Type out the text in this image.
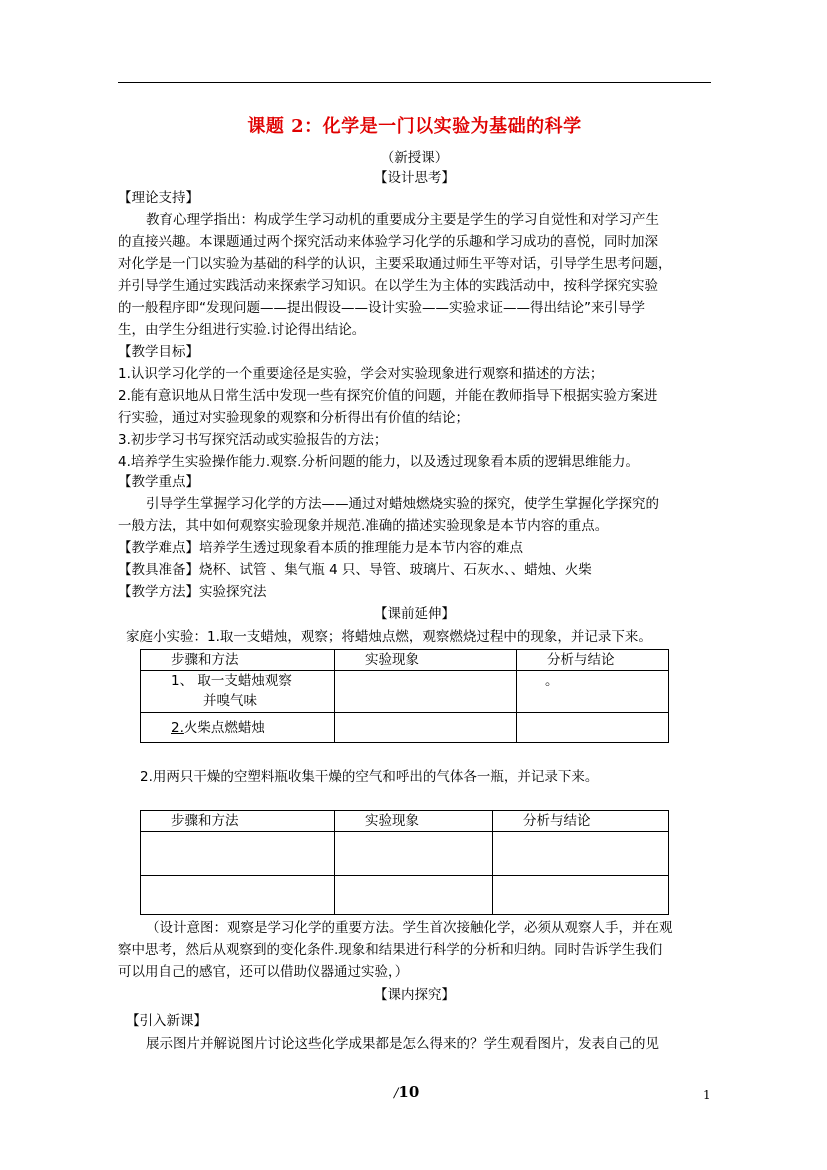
课题 2：化学是一门以实验为基础的科学
（新授课）
【设计思考】
【理论支持】
教育心理学指出：构成学生学习动机的重要成分主要是学生的学习自觉性和对学习产生
的直接兴趣。本课题通过两个探究活动来体验学习化学的乐趣和学习成功的喜悦，同时加深
对化学是一门以实验为基础的科学的认识，主要采取通过师生平等对话，引导学生思考问题，
并引导学生通过实践活动来探索学习知识。在以学生为主体的实践活动中，按科学探究实验
的一般程序即“发现问题——提出假设——设计实验——实验求证——得出结论”来引导学
生，由学生分组进行实验.讨论得出结论。
【教学目标】
1.认识学习化学的一个重要途径是实验，学会对实验现象进行观察和描述的方法；
2.能有意识地从日常生活中发现一些有探究价值的问题，并能在教师指导下根据实验方案进
行实验，通过对实验现象的观察和分析得出有价值的结论；
3.初步学习书写探究活动或实验报告的方法；
4.培养学生实验操作能力.观察.分析问题的能力，以及透过现象看本质的逻辑思维能力。
【教学重点】
引导学生掌握学习化学的方法——通过对蜡烛燃烧实验的探究，使学生掌握化学探究的
一般方法，其中如何观察实验现象并规范.准确的描述实验现象是本节内容的重点。
【教学难点】培养学生透过现象看本质的推理能力是本节内容的难点
【教具准备】烧杯、试管 、集气瓶 4 只、导管、玻璃片、石灰水、、蜡烛、火柴
【教学方法】实验探究法
【课前延伸】
家庭小实验：1.取一支蜡烛，观察；将蜡烛点燃，观察燃烧过程中的现象，并记录下来。
步骤和方法	实验现象	分析与结论

1、 取一支蜡烛观察
并嗅气味		。
2.火柴点燃蜡烛		
2.用两只干燥的空塑料瓶收集干燥的空气和呼出的气体各一瓶，并记录下来。
步骤和方法	实验现象	分析与结论

（设计意图：观察是学习化学的重要方法。学生首次接触化学，必须从观察人手，并在观
察中思考，然后从观察到的变化条件.现象和结果进行科学的分析和归纳。同时告诉学生我们
可以用自己的感官，还可以借助仪器通过实验，）
【课内探究】
【引入新课】
展示图片并解说图片讨论这些化学成果都是怎么得来的？学生观看图片，发表自己的见
/10	1
